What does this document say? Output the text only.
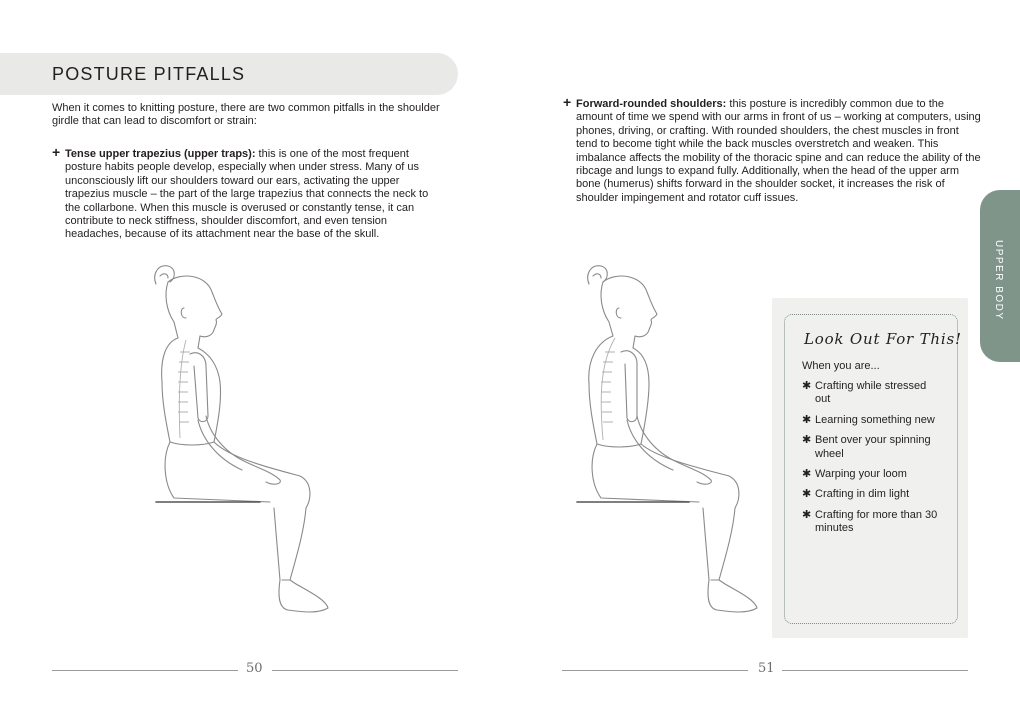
POSTURE PITFALLS
When it comes to knitting posture, there are two common pitfalls in the shoulder girdle that can lead to discomfort or strain:
+ Tense upper trapezius (upper traps): this is one of the most frequent posture habits people develop, especially when under stress. Many of us unconsciously lift our shoulders toward our ears, activating the upper trapezius muscle – the part of the large trapezius that connects the neck to the collarbone. When this muscle is overused or constantly tense, it can contribute to neck stiffness, shoulder discomfort, and even tension headaches, because of its attachment near the base of the skull.
50
+ Forward-rounded shoulders: this posture is incredibly common due to the amount of time we spend with our arms in front of us – working at computers, using phones, driving, or crafting. With rounded shoulders, the chest muscles in front tend to become tight while the back muscles overstretch and weaken. This imbalance affects the mobility of the thoracic spine and can reduce the ability of the ribcage and lungs to expand fully. Additionally, when the head of the upper arm bone (humerus) shifts forward in the shoulder socket, it increases the risk of shoulder impingement and rotator cuff issues.
Look Out For This!
When you are...
✱ Crafting while stressed out
✱ Learning something new
✱ Bent over your spinning wheel
✱ Warping your loom
✱ Crafting in dim light
✱ Crafting for more than 30 minutes
UPPER BODY
51
